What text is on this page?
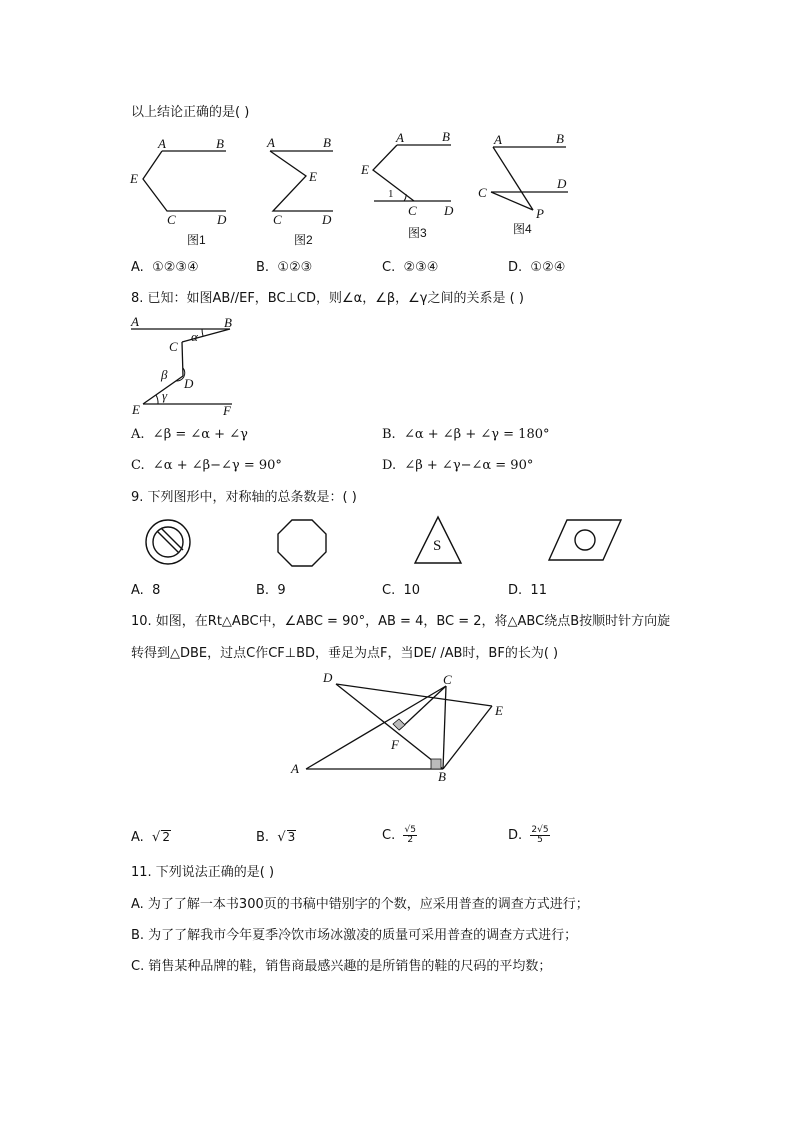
以上结论正确的是( )
A	B
E
C	D
图1
A	B
E
C	D
图2
A	B
E
1
C D
图3
A	B
C
D
P
图4
A. ①②③④	B. ①②③	C. ②③④	D. ①②④
8. 已知：如图AB//EF，BC⊥CD，则∠α，∠β，∠γ之间的关系是 ( )
A	B
C
α
β
D
E
γ
F
A. ∠β = ∠α + ∠γ	B. ∠α + ∠β + ∠γ = 180°
C. ∠α + ∠β−∠γ = 90°	D. ∠β + ∠γ−∠α = 90°
9. 下列图形中，对称轴的总条数是：( )
S
A. 8	B. 9	C. 10	D. 11
10. 如图，在Rt△ABC中，∠ABC = 90°，AB = 4，BC = 2，将△ABC绕点B按顺时针方向旋
转得到△DBE，过点C作CF⊥BD，垂足为点F，当DE/ /AB时，BF的长为( )
D	C
E
F
A
B
A.  √ 2	B.  √ 3	C. $\frac{√5}{2}$	D. $\frac{2√5}{5}$
11. 下列说法正确的是( )
A. 为了了解一本书300页的书稿中错别字的个数，应采用普查的调查方式进行；
B. 为了了解我市今年夏季冷饮市场冰激凌的质量可采用普查的调查方式进行；
C. 销售某种品牌的鞋，销售商最感兴趣的是所销售的鞋的尺码的平均数；
